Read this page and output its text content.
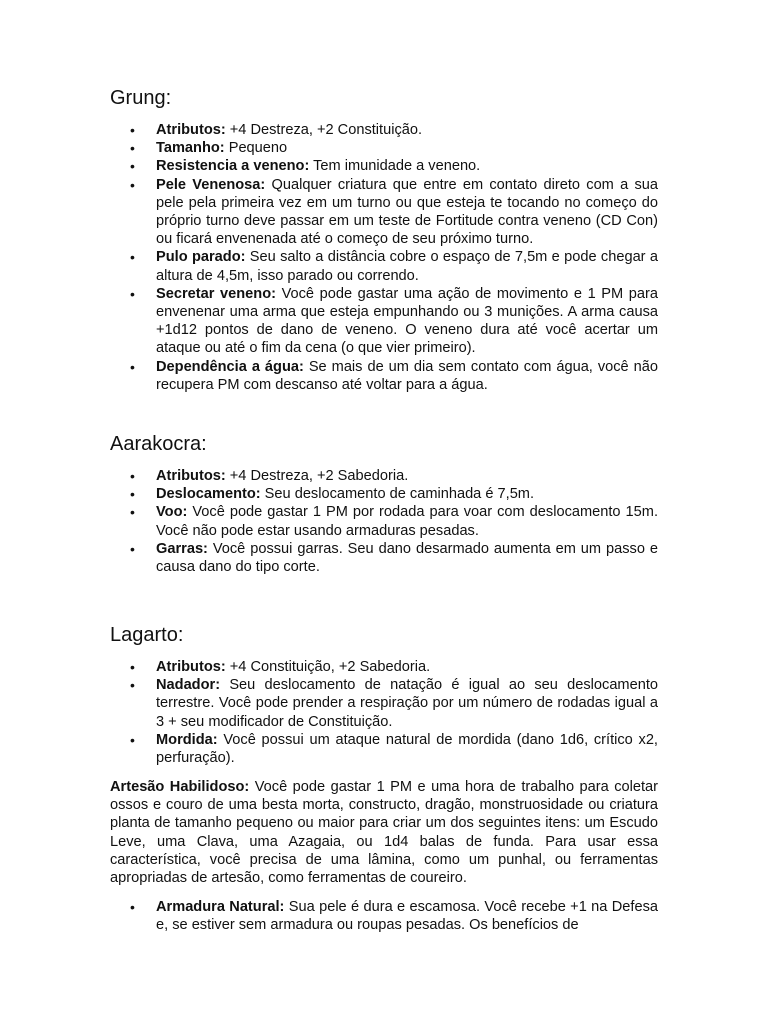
Grung:
• Atributos: +4 Destreza, +2 Constituição.
• Tamanho: Pequeno
• Resistencia a veneno: Tem imunidade a veneno.
• Pele Venenosa: Qualquer criatura que entre em contato direto com a sua pele pela primeira vez em um turno ou que esteja te tocando no começo do próprio turno deve passar em um teste de Fortitude contra veneno (CD Con) ou ficará envenenada até o começo de seu próximo turno.
• Pulo parado: Seu salto a distância cobre o espaço de 7,5m e pode chegar a altura de 4,5m, isso parado ou correndo.
• Secretar veneno: Você pode gastar uma ação de movimento e 1 PM para envenenar uma arma que esteja empunhando ou 3 munições. A arma causa +1d12 pontos de dano de veneno. O veneno dura até você acertar um ataque ou até o fim da cena (o que vier primeiro).
• Dependência a água: Se mais de um dia sem contato com água, você não recupera PM com descanso até voltar para a água.
Aarakocra:
• Atributos: +4 Destreza, +2 Sabedoria.
• Deslocamento: Seu deslocamento de caminhada é 7,5m.
• Voo: Você pode gastar 1 PM por rodada para voar com deslocamento 15m. Você não pode estar usando armaduras pesadas.
• Garras: Você possui garras. Seu dano desarmado aumenta em um passo e causa dano do tipo corte.
Lagarto:
• Atributos: +4 Constituição, +2 Sabedoria.
• Nadador: Seu deslocamento de natação é igual ao seu deslocamento terrestre. Você pode prender a respiração por um número de rodadas igual a 3 + seu modificador de Constituição.
• Mordida: Você possui um ataque natural de mordida (dano 1d6, crítico x2, perfuração).

Artesão Habilidoso: Você pode gastar 1 PM e uma hora de trabalho para coletar ossos e couro de uma besta morta, constructo, dragão, monstruosidade ou criatura planta de tamanho pequeno ou maior para criar um dos seguintes itens: um Escudo Leve, uma Clava, uma Azagaia, ou 1d4 balas de funda. Para usar essa característica, você precisa de uma lâmina, como um punhal, ou ferramentas apropriadas de artesão, como ferramentas de coureiro.

• Armadura Natural: Sua pele é dura e escamosa. Você recebe +1 na Defesa e, se estiver sem armadura ou roupas pesadas. Os benefícios de
